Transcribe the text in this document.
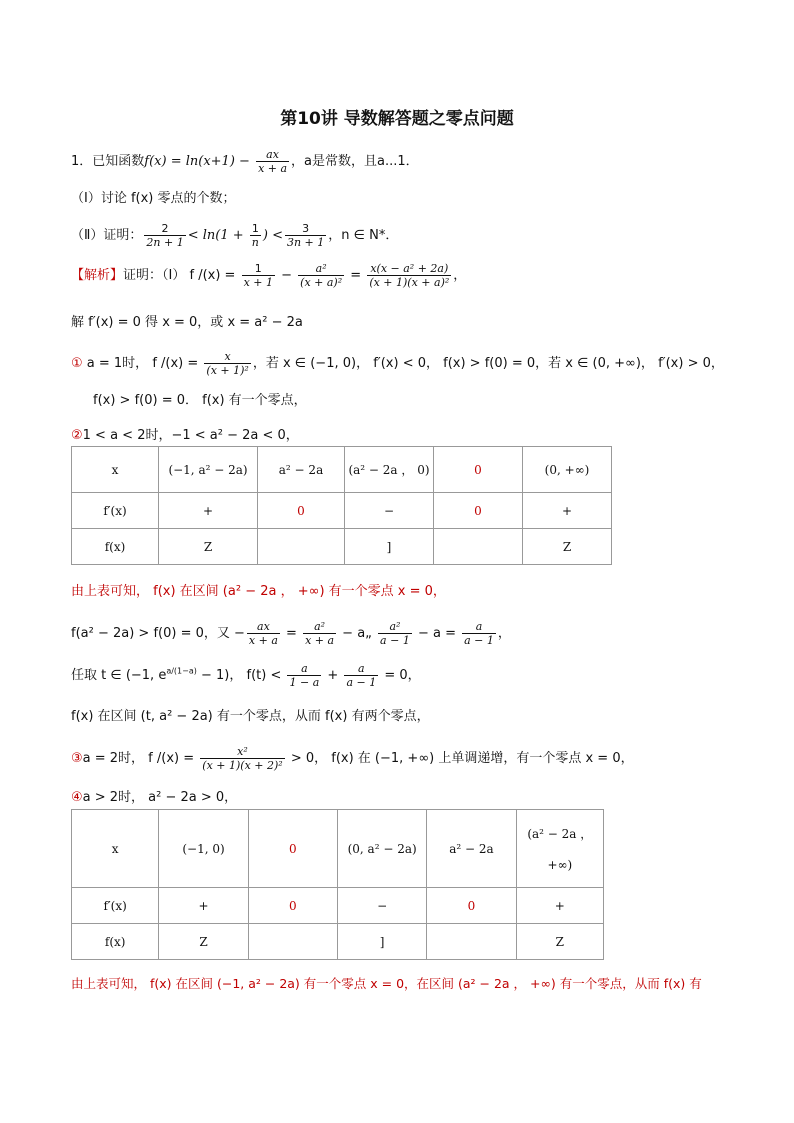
第10讲 导数解答题之零点问题
1．已知函数$f(x) = \ln(x+1) - \frac{ax}{x + a}$ ，a是常数，且a...1．
（Ⅰ）讨论 f(x) 零点的个数；
（Ⅱ）证明： $\frac{2}{2n + 1} < \ln(1 + \frac{1}{n}$ ) < $\frac{3}{3n + 1}$ ，n ∈ N*．
【解析】证明：（Ⅰ） f $/(x) = \frac{1}{x + 1} - \frac{\text{a²}}{\text{(x + a)²}} = \frac{\text{x(x − a² + 2a)}}{\text{(x + 1)(x + a)²}}$ ，
解 f′(x) = 0 得 x = 0，或 x = a² − 2a
① a = 1时， f $/(x) = \frac{x}{\text{(x + 1)²}}$ ，若 x ∈ (−1, 0)， f′(x) < 0， f(x) > f(0) = 0，若 x ∈ (0, +∞)， f′(x) > 0，
f(x) > f(0) = 0． f(x) 有一个零点，
②1 < a < 2时，−1 < a² − 2a < 0，
x	(−1, a² − 2a)	a² − 2a	(a² − 2a ， 0)	0	(0, +∞)
f′(x)	+	0	−	0	+
f(x)	Z		]		Z
由上表可知， f(x) 在区间 (a² − 2a ， +∞) 有一个零点 x = 0，
f(a² − 2a) > f(0) = 0，又 − $\frac{ax}{x + a} = \frac{\text{a²}}{x + a}$ − a„ $\frac{\text{a²}}{a - 1} - a = \frac{a}{a - 1}$ ，
任取 t ∈ (−1, $e^{a/(1-a)} - 1$)， $f(t) < \frac{a}{1 - a} + \frac{a}{a - 1} = 0$，
f(x) 在区间 (t, a² − 2a) 有一个零点，从而 f(x) 有两个零点，
③a = 2时， f $/(x) = \frac{\text{x²}}{\text{(x + 1)(x + 2)²}} > 0$， f(x) 在 (−1, +∞) 上单调递增，有一个零点 x = 0，
④a > 2时， a² − 2a > 0，
x	(−1, 0)	0	(0, a² − 2a)	a² − 2a	(a² − 2a ，
+∞)

f′(x)	+	0	−	0	+
f(x)	Z		]		Z
由上表可知， f(x) 在区间 (−1, a² − 2a) 有一个零点 x = 0，在区间 (a² − 2a ， +∞) 有一个零点，从而 f(x) 有
